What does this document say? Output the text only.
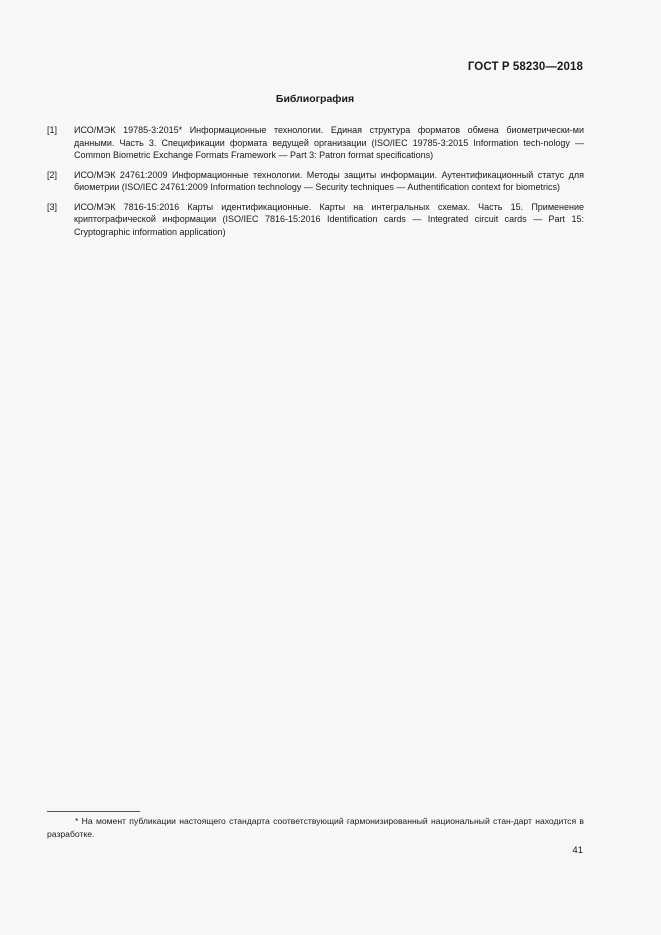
ГОСТ Р 58230—2018
Библиография
[1]	ИСО/МЭК 19785-3:2015* Информационные технологии. Единая структура форматов обмена биометрически-ми данными. Часть 3. Спецификации формата ведущей организации (ISO/IEC 19785-3:2015 Information tech-nology — Common Biometric Exchange Formats Framework — Part 3: Patron format specifications)
[2]	ИСО/МЭК 24761:2009 Информационные технологии. Методы защиты информации. Аутентификационный статус для биометрии (ISO/IEC 24761:2009 Information technology — Security techniques — Authentification context for biometrics)
[3]	ИСО/МЭК 7816-15:2016 Карты идентификационные. Карты на интегральных схемах. Часть 15. Применение криптографической информации (ISO/IEC 7816-15:2016 Identification cards — Integrated circuit cards — Part 15: Cryptographic information application)
* На момент публикации настоящего стандарта соответствующий гармонизированный национальный стан-дарт находится в разработке.
41
